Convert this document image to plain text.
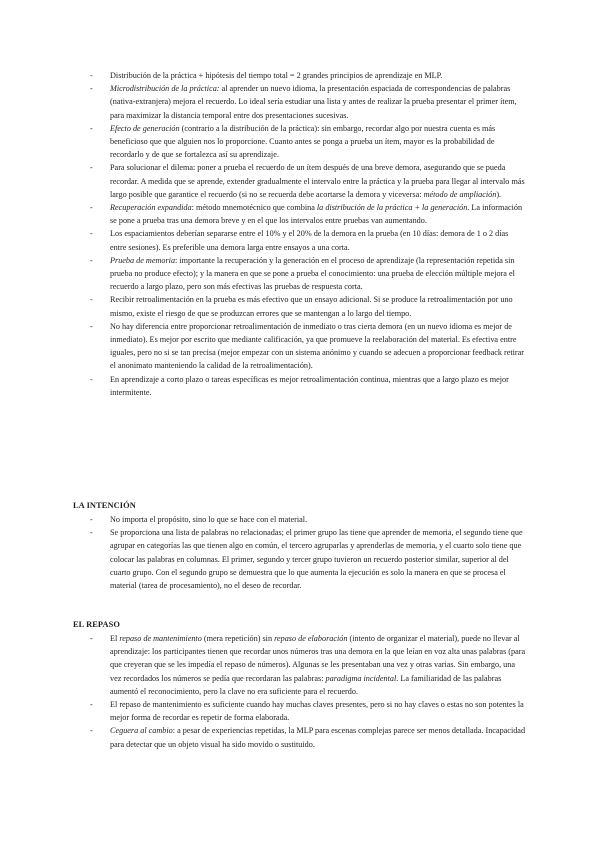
- Distribución de la práctica + hipótesis del tiempo total = 2 grandes principios de aprendizaje en MLP.
- Microdistribución de la práctica: al aprender un nuevo idioma, la presentación espaciada de correspondencias de palabras (nativa-extranjera) mejora el recuerdo. Lo ideal sería estudiar una lista y antes de realizar la prueba presentar el primer ítem, para maximizar la distancia temporal entre dos presentaciones sucesivas.
- Efecto de generación (contrario a la distribución de la práctica): sin embargo, recordar algo por nuestra cuenta es más beneficioso que que alguien nos lo proporcione. Cuanto antes se ponga a prueba un ítem, mayor es la probabilidad de recordarlo y de que se fortalezca así su aprendizaje.
- Para solucionar el dilema: poner a prueba el recuerdo de un ítem después de una breve demora, asegurando que se pueda recordar. A medida que se aprende, extender gradualmente el intervalo entre la práctica y la prueba para llegar al intervalo más largo posible que garantice el recuerdo (si no se recuerda debe acortarse la demora y viceversa: método de ampliación).
- Recuperación expandida: método mnemotécnico que combina la distribución de la práctica + la generación. La información se pone a prueba tras una demora breve y en el que los intervalos entre pruebas van aumentando.
- Los espaciamientos deberían separarse entre el 10% y el 20% de la demora en la prueba (en 10 días: demora de 1 o 2 días entre sesiones). Es preferible una demora larga entre ensayos a una corta.
- Prueba de memoria: importante la recuperación y la generación en el proceso de aprendizaje (la representación repetida sin prueba no produce efecto); y la manera en que se pone a prueba el conocimiento: una prueba de elección múltiple mejora el recuerdo a largo plazo, pero son más efectivas las pruebas de respuesta corta.
- Recibir retroalimentación en la prueba es más efectivo que un ensayo adicional. Si se produce la retroalimentación por uno mismo, existe el riesgo de que se produzcan errores que se mantengan a lo largo del tiempo.
- No hay diferencia entre proporcionar retroalimentación de inmediato o tras cierta demora (en un nuevo idioma es mejor de inmediato). Es mejor por escrito que mediante calificación, ya que promueve la reelaboración del material. Es efectiva entre iguales, pero no si se tan precisa (mejor empezar con un sistema anónimo y cuando se adecuen a proporcionar feedback retirar el anonimato manteniendo la calidad de la retroalimentación).
- En aprendizaje a corto plazo o tareas específicas es mejor retroalimentación continua, mientras que a largo plazo es mejor intermitente.
LA INTENCIÓN
- No importa el propósito, sino lo que se hace con el material.
- Se proporciona una lista de palabras no relacionadas; el primer grupo las tiene que aprender de memoria, el segundo tiene que agrupar en categorías las que tienen algo en común, el tercero agruparlas y aprenderlas de memoria, y el cuarto solo tiene que colocar las palabras en columnas. El primer, segundo y tercer grupo tuvieron un recuerdo posterior similar, superior al del cuarto grupo. Con el segundo grupo se demuestra que lo que aumenta la ejecución es solo la manera en que se procesa el material (tarea de procesamiento), no el deseo de recordar.
EL REPASO
- El repaso de mantenimiento (mera repetición) sin repaso de elaboración (intento de organizar el material), puede no llevar al aprendizaje: los participantes tienen que recordar unos números tras una demora en la que leían en voz alta unas palabras (para que creyeran que se les impedía el repaso de números). Algunas se les presentaban una vez y otras varias. Sin embargo, una vez recordados los números se pedía que recordaran las palabras: paradigma incidental. La familiaridad de las palabras aumentó el reconocimiento, pero la clave no era suficiente para el recuerdo.
- El repaso de mantenimiento es suficiente cuando hay muchas claves presentes, pero si no hay claves o estas no son potentes la mejor forma de recordar es repetir de forma elaborada.
- Ceguera al cambio: a pesar de experiencias repetidas, la MLP para escenas complejas parece ser menos detallada. Incapacidad para detectar que un objeto visual ha sido movido o sustituido.
